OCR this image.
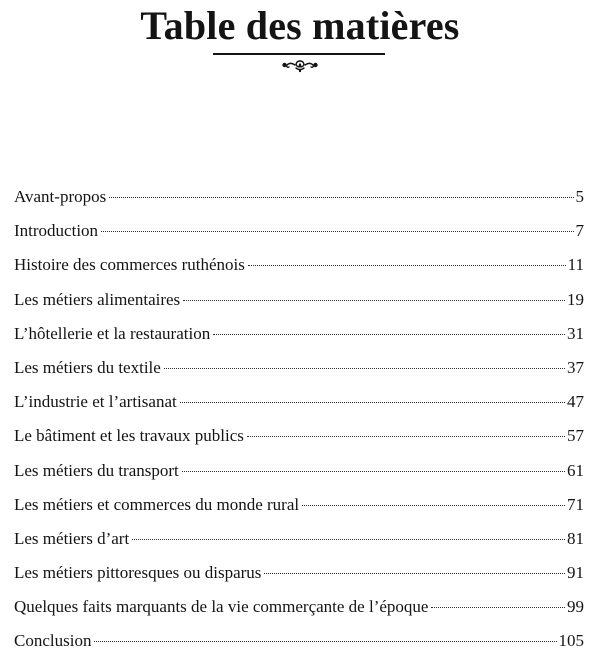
Table des matières
Avant-propos	5
Introduction	7
Histoire des commerces ruthénois	11
Les métiers alimentaires	19
L’hôtellerie et la restauration	31
Les métiers du textile	37
L’industrie et l’artisanat	47
Le bâtiment et les travaux publics	57
Les métiers du transport	61
Les métiers et commerces du monde rural	71
Les métiers d’art	81
Les métiers pittoresques ou disparus	91
Quelques faits marquants de la vie commerçante de l’époque	99
Conclusion	105
